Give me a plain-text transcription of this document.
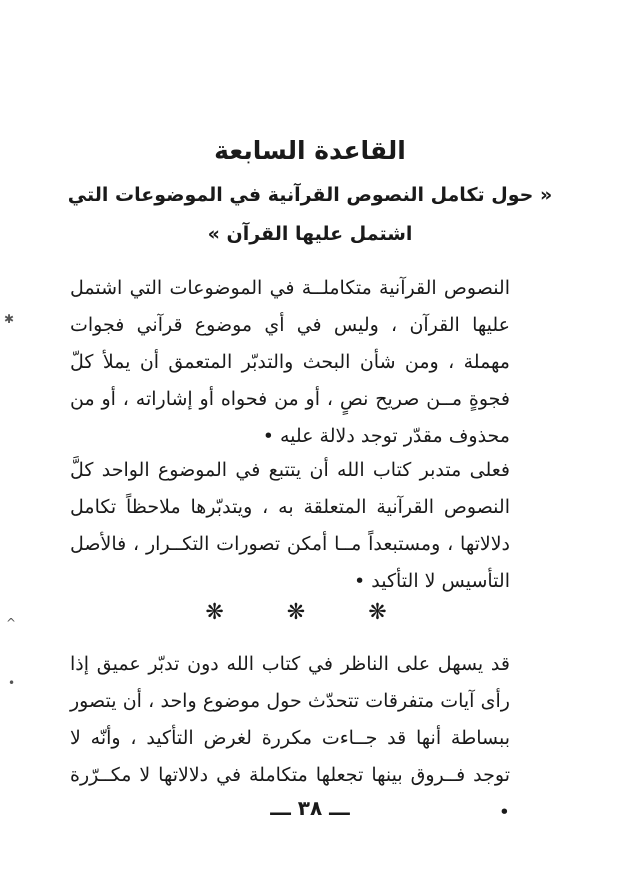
القاعدة السابعة
« حول تكامل النصوص القرآنية في الموضوعات التي
اشتمل عليها القرآن »
النصوص القرآنية متكاملــة في الموضوعات التي اشتمل عليها القرآن ، وليس في أي موضوع قرآني فجوات مهملة ، ومن شأن البحث والتدبّر المتعمق أن يملأ كلّ فجوةٍ مــن صريح نصٍ ، أو من فحواه أو إشاراته ، أو من محذوف مقدّر توجد دلالة عليه •
فعلى متدبر كتاب الله أن يتتبع في الموضوع الواحد كلَّ النصوص القرآنية المتعلقة به ، ويتدبّرها ملاحظاً تكامل دلالاتها ، ومستبعداً مــا أمكن تصورات التكــرار ، فالأصل التأسيس لا التأكيد •
❋ ❋ ❋
قد يسهل على الناظر في كتاب الله دون تدبّر عميق إذا رأى آيات متفرقات تتحدّث حول موضوع واحد ، أن يتصور ببساطة أنها قد جــاءت مكررة لغرض التأكيد ، وأنّه لا توجد فــروق بينها تجعلها متكاملة في دلالاتها لا مكــرّرة •
ـــ ٣٨ ـــ
✱
^
•
